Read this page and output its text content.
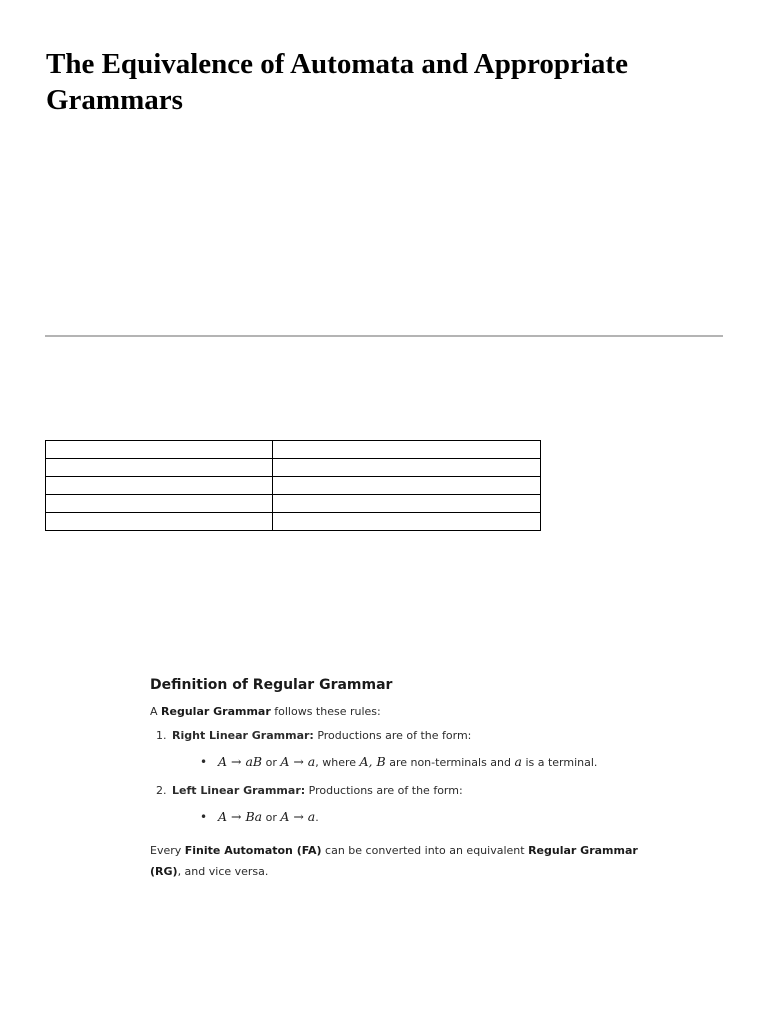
The Equivalence of Automata and Appropriate Grammars

Definition of Regular Grammar

A Regular Grammar follows these rules:

1. Right Linear Grammar: Productions are of the form:
• A → aB or A → a, where A, B are non-terminals and a is a terminal.
2. Left Linear Grammar: Productions are of the form:
• A → Ba or A → a.

Every Finite Automaton (FA) can be converted into an equivalent Regular Grammar (RG), and vice versa.
